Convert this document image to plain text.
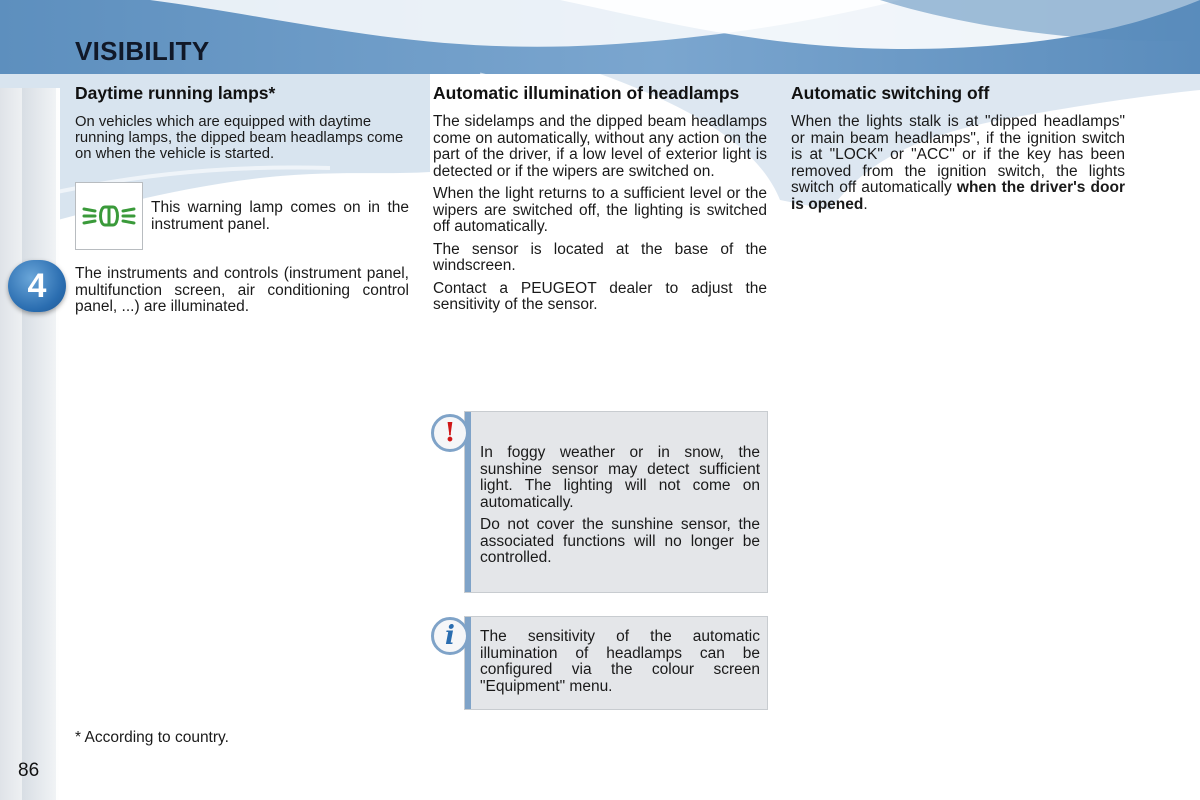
VISIBILITY
4
Daytime running lamps*

On vehicles which are equipped with daytime running lamps, the dipped beam headlamps come on when the vehicle is started.

This warning lamp comes on in the instrument panel.

The instruments and controls (instrument panel, multifunction screen, air conditioning control panel, ...) are illuminated.

Automatic illumination of headlamps

The sidelamps and the dipped beam headlamps come on automatically, without any action on the part of the driver, if a low level of exterior light is detected or if the wipers are switched on.

When the light returns to a sufficient level or the wipers are switched off, the lighting is switched off automatically.

The sensor is located at the base of the windscreen.

Contact a PEUGEOT dealer to adjust the sensitivity of the sensor.

Automatic switching off

When the lights stalk is at "dipped headlamps" or main beam headlamps", if the ignition switch is at "LOCK" or "ACC" or if the key has been removed from the ignition switch, the lights switch off automatically when the driver's door is opened.

!

In foggy weather or in snow, the sunshine sensor may detect sufficient light. The lighting will not come on automatically.

Do not cover the sunshine sensor, the associated functions will no longer be controlled.

i	The sensitivity of the automatic illumination of headlamps can be configured via the colour screen "Equipment" menu.

* According to country.
86
